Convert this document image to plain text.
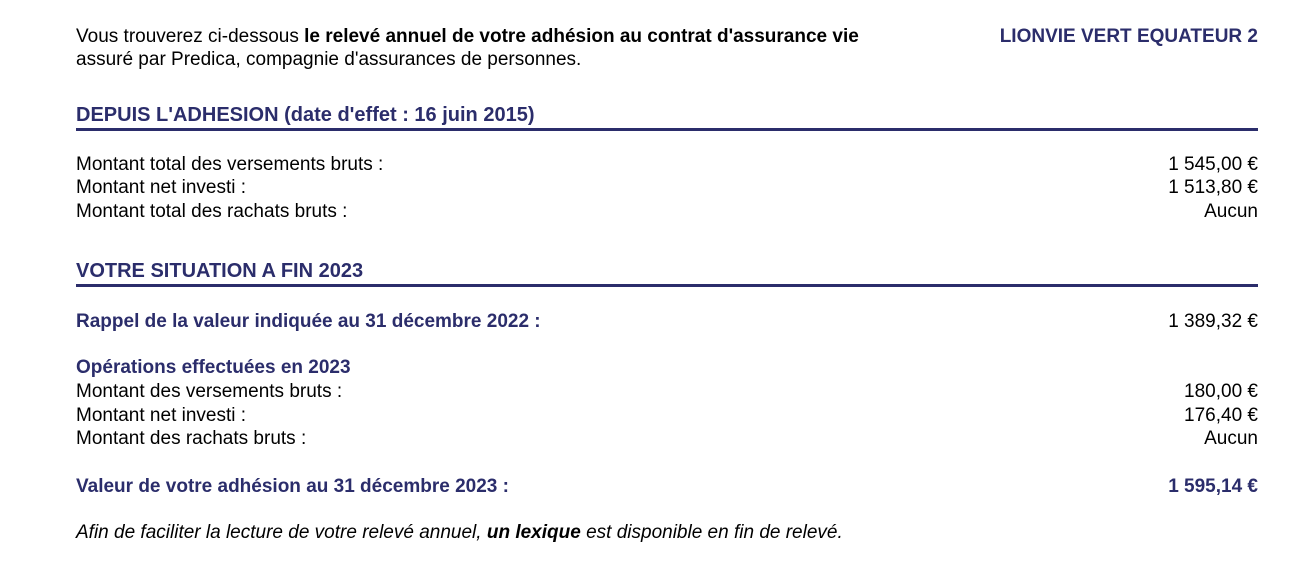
Vous trouverez ci-dessous le relevé annuel de votre adhésion au contrat d'assurance vie	LIONVIE VERT EQUATEUR 2
assuré par Predica, compagnie d'assurances de personnes.
DEPUIS L'ADHESION (date d'effet : 16 juin 2015)
Montant total des versements bruts :	1 545,00 €
Montant net investi :	1 513,80 €
Montant total des rachats bruts :	Aucun
VOTRE SITUATION A FIN 2023
Rappel de la valeur indiquée au 31 décembre 2022 :	1 389,32 €
Opérations effectuées en 2023
Montant des versements bruts :	180,00 €
Montant net investi :	176,40 €
Montant des rachats bruts :	Aucun
Valeur de votre adhésion au 31 décembre 2023 :	1 595,14 €
Afin de faciliter la lecture de votre relevé annuel, un lexique est disponible en fin de relevé.
